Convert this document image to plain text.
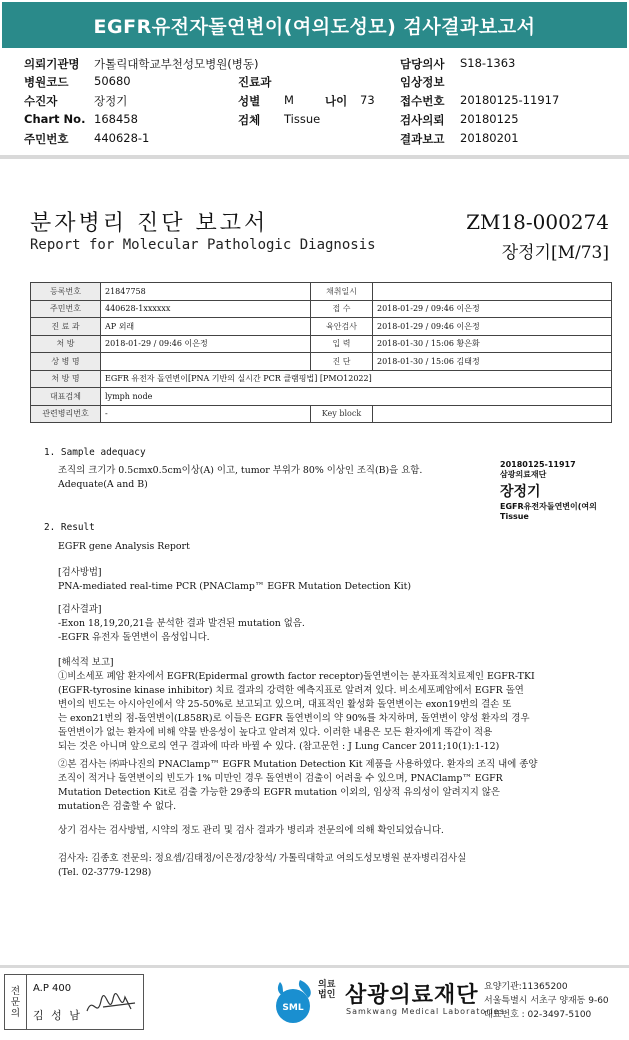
EGFR유전자돌연변이(여의도성모) 검사결과보고서
의뢰기관명 가톨릭대학교부천성모병원(병동)	담당의사 S18-1363
병원코드 50680	진료과	임상정보
수진자	장정기	성별 M	나이 73 접수번호 20180125-11917
Chart No. 168458	검체 Tissue	검사의뢰 20180125
주민번호 440628-1	결과보고 20180201
분자병리 진단 보고서
Report for Molecular Pathologic Diagnosis
ZM18-000274
장정기[M/73]
등록번호	21847758	채취일시	
주민번호	440628-1xxxxxx	접 수	2018-01-29 / 09:46 이은정
진 료 과	AP 외래	육안검사	2018-01-29 / 09:46 이은정
처 방	2018-01-29 / 09:46 이은정	입 력	2018-01-30 / 15:06 황은화
상 병 명		진 단	2018-01-30 / 15:06 김태정
처 방 명	EGFR 유전자 돌연변이[PNA 기반의 실시간 PCR 클램핑법] [PMO12022]		
대표검체	lymph node		
관련병리번호	-	Key block	
1. Sample adequacy
조직의 크기가 0.5cmx0.5cm이상(A) 이고, tumor 부위가 80% 이상인 조직(B)을 요함.
Adequate(A and B)
20180125-11917
삼광의료재단
장정기
EGFR유전자돌연변이(여의
Tissue
2. Result
EGFR gene Analysis Report
[검사방법]
PNA-mediated real-time PCR (PNAClamp™ EGFR Mutation Detection Kit)
[검사결과]
-Exon 18,19,20,21을 분석한 결과 발견된 mutation 없음.
-EGFR 유전자 돌연변이 음성입니다.
[해석적 보고]
①비소세포 폐암 환자에서 EGFR(Epidermal growth factor receptor)돌연변이는 분자표적치료제인 EGFR-TKI
(EGFR-tyrosine kinase inhibitor) 치료 결과의 강력한 예측지표로 알려져 있다. 비소세포폐암에서 EGFR 돌연
변이의 빈도는 아시아인에서 약 25-50%로 보고되고 있으며, 대표적인 활성화 돌연변이는 exon19번의 결손 또
는 exon21번의 점-돌연변이(L858R)로 이들은 EGFR 돌연변이의 약 90%를 차지하며, 돌연변이 양성 환자의 경우
돌연변이가 없는 환자에 비해 약물 반응성이 높다고 알려져 있다. 이러한 내용은 모든 환자에게 똑같이 적용
되는 것은 아니며 앞으로의 연구 결과에 따라 바뀔 수 있다. (참고문헌 : J Lung Cancer 2011;10(1):1-12)
②본 검사는 ㈜파나진의 PNAClamp™ EGFR Mutation Detection Kit 제품을 사용하였다. 환자의 조직 내에 종양
조직이 적거나 돌연변이의 빈도가 1% 미만인 경우 돌연변이 검출이 어려울 수 있으며, PNAClamp™ EGFR
Mutation Detection Kit로 검출 가능한 29종의 EGFR mutation 이외의, 임상적 유의성이 알려지지 않은
mutation은 검출할 수 없다.
상기 검사는 검사방법, 시약의 정도 관리 및 검사 결과가 병리과 전문의에 의해 확인되었습니다.
검사자: 김종호 전문의: 정요셉/김태정/이은정/강창석/ 가톨릭대학교 여의도성모병원 분자병리검사실
(Tel. 02-3779-1298)
전
문
의
A.P 400
김 성 남
SML
의료
법인 삼광의료재단
Samkwang Medical Laboratories
요양기관:11365200
서울특별시 서초구 양재동 9-60
대표번호 : 02-3497-5100
